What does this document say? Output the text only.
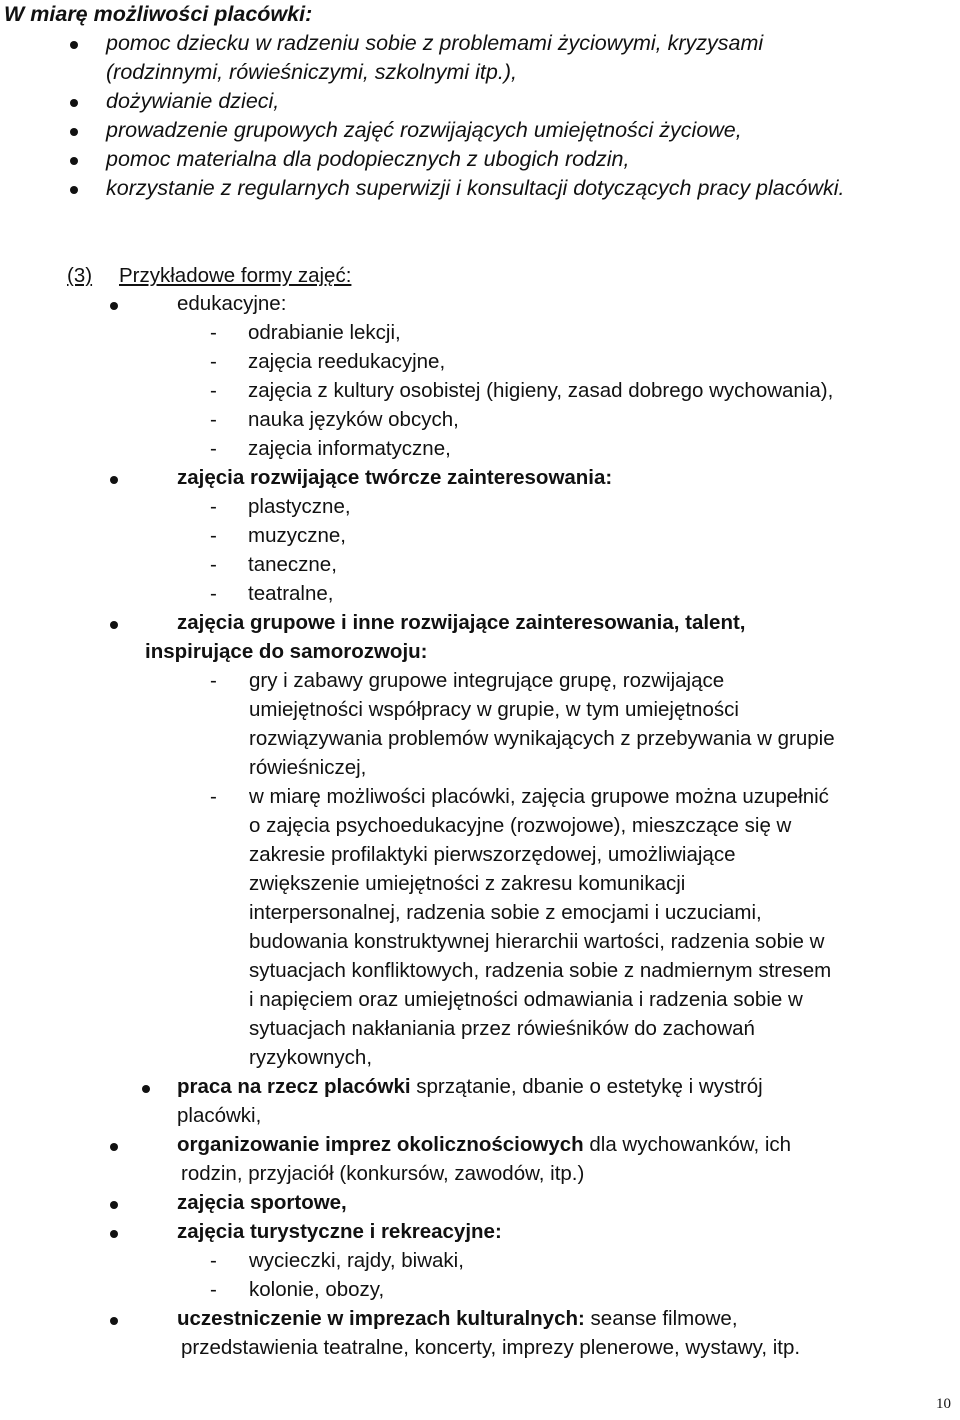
W miarę możliwości placówki:
pomoc dziecku w radzeniu sobie z problemami życiowymi, kryzysami
(rodzinnymi, rówieśniczymi, szkolnymi itp.),
dożywianie dzieci,
prowadzenie grupowych zajęć rozwijających umiejętności życiowe,
pomoc materialna dla podopiecznych z ubogich rodzin,
korzystanie z regularnych superwizji i konsultacji dotyczących pracy placówki.
(3) Przykładowe formy zajęć:
edukacyjne:
- odrabianie lekcji,
- zajęcia reedukacyjne,
- zajęcia z kultury osobistej (higieny, zasad dobrego wychowania),
- nauka języków obcych,
- zajęcia informatyczne,
zajęcia rozwijające twórcze zainteresowania:
- plastyczne,
- muzyczne,
- taneczne,
- teatralne,
zajęcia grupowe i inne rozwijające zainteresowania, talent,
inspirujące do samorozwoju:
- gry i zabawy grupowe integrujące grupę, rozwijające
umiejętności współpracy w grupie, w tym umiejętności
rozwiązywania problemów wynikających z przebywania w grupie
rówieśniczej,
- w miarę możliwości placówki, zajęcia grupowe można uzupełnić
o zajęcia psychoedukacyjne (rozwojowe), mieszczące się w
zakresie profilaktyki pierwszorzędowej, umożliwiające
zwiększenie umiejętności z zakresu komunikacji
interpersonalnej, radzenia sobie z emocjami i uczuciami,
budowania konstruktywnej hierarchii wartości, radzenia sobie w
sytuacjach konfliktowych, radzenia sobie z nadmiernym stresem
i napięciem oraz umiejętności odmawiania i radzenia sobie w
sytuacjach nakłaniania przez rówieśników do zachowań
ryzykownych,
praca na rzecz placówki sprzątanie, dbanie o estetykę i wystrój
placówki,
organizowanie imprez okolicznościowych dla wychowanków, ich
rodzin, przyjaciół (konkursów, zawodów, itp.)
zajęcia sportowe,
zajęcia turystyczne i rekreacyjne:
- wycieczki, rajdy, biwaki,
- kolonie, obozy,
uczestniczenie w imprezach kulturalnych: seanse filmowe,
przedstawienia teatralne, koncerty, imprezy plenerowe, wystawy, itp.
10
